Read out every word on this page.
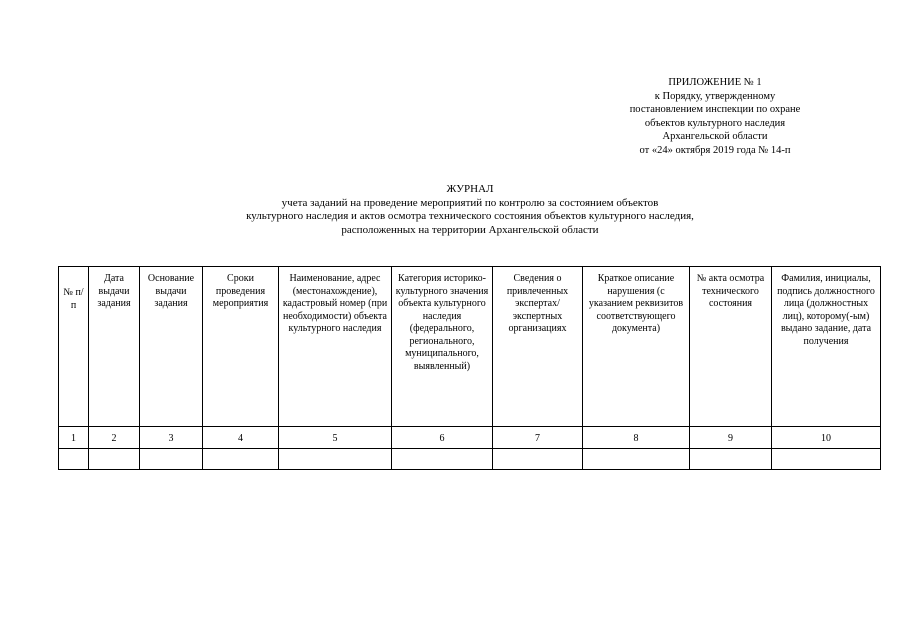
ПРИЛОЖЕНИЕ № 1
к Порядку, утвержденному
постановлением инспекции по охране
объектов культурного наследия
Архангельской области
от «24» октября 2019 года № 14-п
ЖУРНАЛ
учета заданий на проведение мероприятий по контролю за состоянием объектов
культурного наследия и актов осмотра технического состояния объектов культурного наследия,
расположенных на территории Архангельской области
№ п/п	Дата выдачи задания	Основание выдачи задания	Сроки проведения мероприятия	Наименование, адрес (местонахождение), кадастровый номер (при необходимости) объекта культурного наследия	Категория историко-культурного значения объекта культурного наследия (федерального, регионального, муниципального, выявленный)	Сведения о привлеченных экспертах/ экспертных организациях	Краткое описание нарушения (с указанием реквизитов соответствующего документа)	№ акта осмотра технического состояния	Фамилия, инициалы, подпись должностного лица (должностных лиц), которому(-ым) выдано задание, дата получения
1	2	3	4	5	6	7	8	9	10
